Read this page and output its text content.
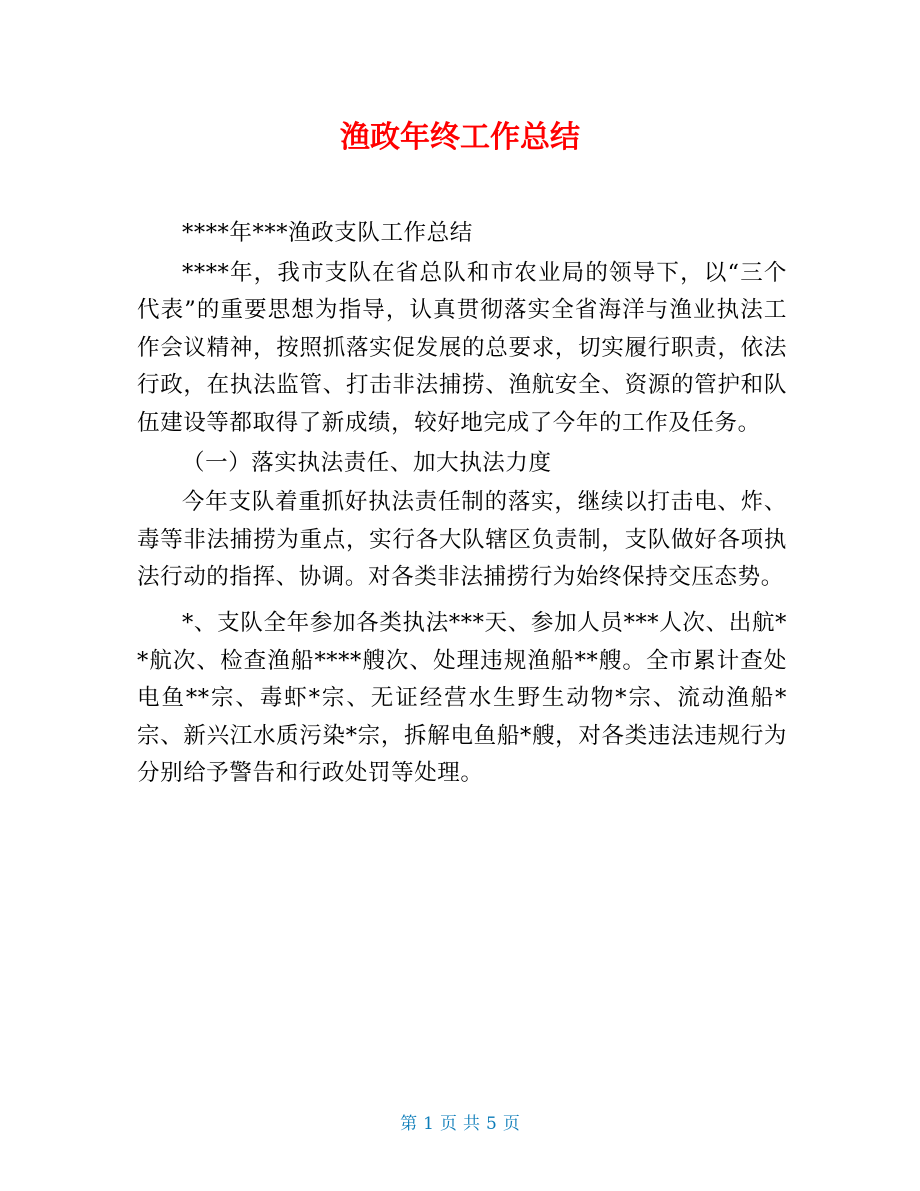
渔政年终工作总结

****年***渔政支队工作总结

****年，我市支队在省总队和市农业局的领导下，以“三个代表”的重要思想为指导，认真贯彻落实全省海洋与渔业执法工作会议精神，按照抓落实促发展的总要求，切实履行职责，依法行政，在执法监管、打击非法捕捞、渔航安全、资源的管护和队伍建设等都取得了新成绩，较好地完成了今年的工作及任务。

（一）落实执法责任、加大执法力度

今年支队着重抓好执法责任制的落实，继续以打击电、炸、毒等非法捕捞为重点，实行各大队辖区负责制，支队做好各项执法行动的指挥、协调。对各类非法捕捞行为始终保持交压态势。

*、支队全年参加各类执法***天、参加人员***人次、出航**航次、检查渔船****艘次、处理违规渔船**艘。全市累计查处电鱼**宗、毒虾*宗、无证经营水生野生动物*宗、流动渔船*宗、新兴江水质污染*宗，拆解电鱼船*艘，对各类违法违规行为分别给予警告和行政处罚等处理。

第 1 页 共 5 页
